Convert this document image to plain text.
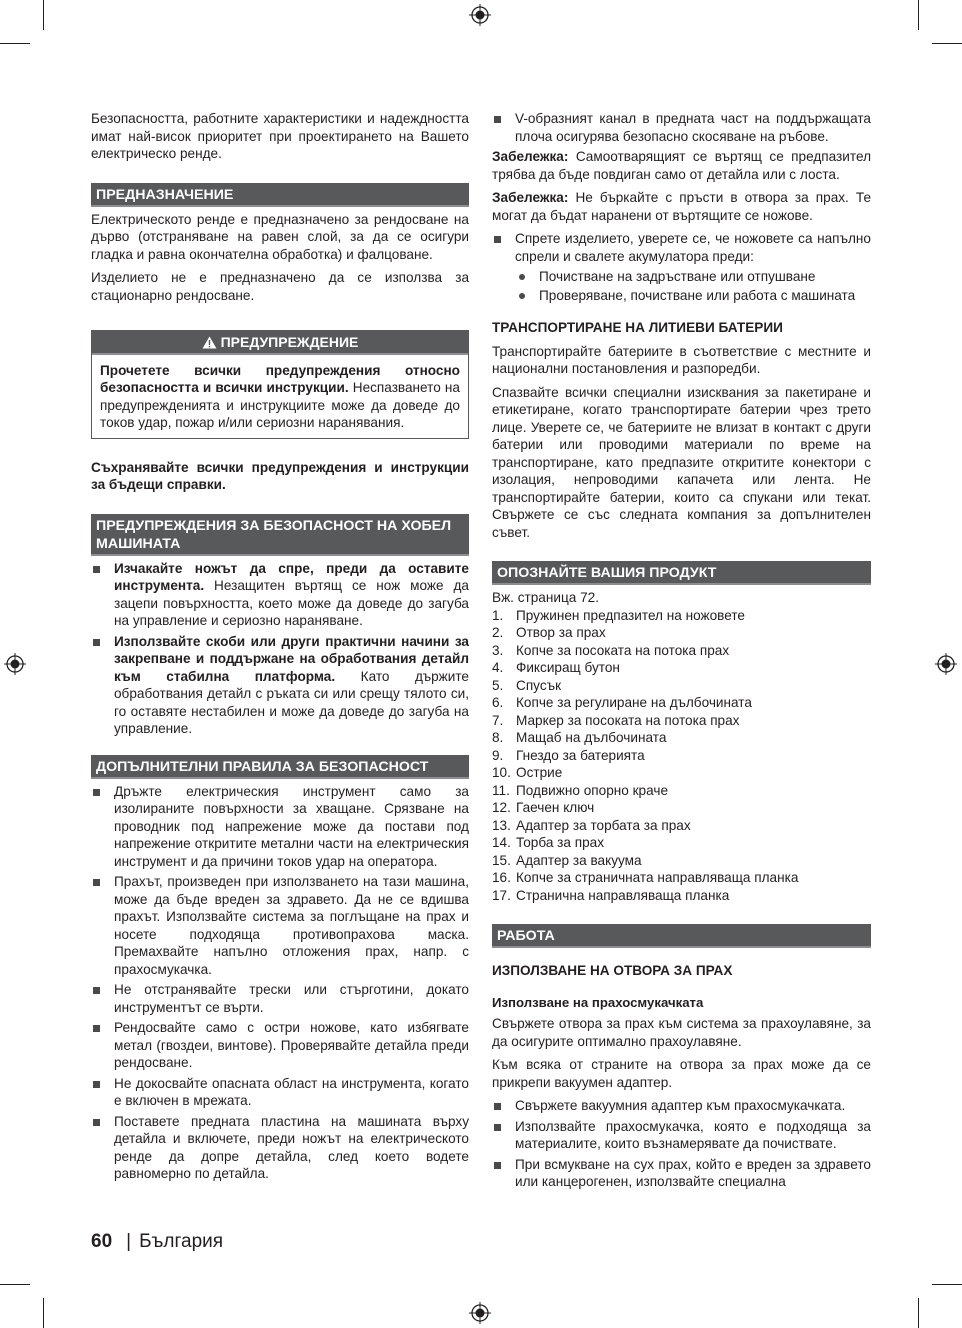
Безопасността, работните характеристики и надеждността имат най-висок приоритет при проектирането на Вашето електрическо ренде.

ПРЕДНАЗНАЧЕНИЕ

Електрическото ренде е предназначено за рендосване на дърво (отстраняване на равен слой, за да се осигури гладка и равна окончателна обработка) и фалцоване.

Изделието не е предназначено да се използва за стационарно рендосване.

ПРЕДУПРЕЖДЕНИЕ

Прочетете всички предупреждения относно безопасността и всички инструкции. Неспазването на предупрежденията и инструкциите може да доведе до токов удар, пожар и/или сериозни наранявания.

Съхранявайте всички предупреждения и инструкции за бъдещи справки.

ПРЕДУПРЕЖДЕНИЯ ЗА БЕЗОПАСНОСТ НА ХОБЕЛ МАШИНАТА
Изчакайте ножът да спре, преди да оставите инструмента. Незащитен въртящ се нож може да зацепи повърхността, което може да доведе до загуба на управление и сериозно нараняване.
Използвайте скоби или други практични начини за закрепване и поддържане на обработвания детайл към стабилна платформа. Като държите обработвания детайл с ръката си или срещу тялото си, го оставяте нестабилен и може да доведе до загуба на управление.
ДОПЪЛНИТЕЛНИ ПРАВИЛА ЗА БЕЗОПАСНОСТ
Дръжте електрическия инструмент само за изолираните повърхности за хващане. Срязване на проводник под напрежение може да постави под напрежение откритите метални части на електрическия инструмент и да причини токов удар на оператора.
Прахът, произведен при използването на тази машина, може да бъде вреден за здравето. Да не се вдишва прахът. Използвайте система за поглъщане на прах и носете подходяща противопрахова маска. Премахвайте напълно отложения прах, напр. с прахосмукачка.
Не отстранявайте трески или стърготини, докато инструментът се върти.
Рендосвайте само с остри ножове, като избягвате метал (гвоздеи, винтове). Проверявайте детайла преди рендосване.
Не докосвайте опасната област на инструмента, когато е включен в мрежата.
Поставете предната пластина на машината върху детайла и включете, преди ножът на електрическото ренде да допре детайла, след което водете равномерно по детайла.
V-образният канал в предната част на поддържащата плоча осигурява безопасно скосяване на ръбове.

Забележка: Самоотварящият се въртящ се предпазител трябва да бъде повдиган само от детайла или с лоста.

Забележка: Не бъркайте с пръсти в отвора за прах. Те могат да бъдат наранени от въртящите се ножове.

Спрете изделието, уверете се, че ножовете са напълно спрели и свалете акумулатора преди:
Почистване на задръстване или отпушване
Проверяване, почистване или работа с машината
ТРАНСПОРТИРАНЕ НА ЛИТИЕВИ БАТЕРИИ

Транспортирайте батериите в съответствие с местните и национални постановления и разпоредби.

Спазвайте всички специални изисквания за пакетиране и етикетиране, когато транспортирате батерии чрез трето лице. Уверете се, че батериите не влизат в контакт с други батерии или проводими материали по време на транспортиране, като предпазите откритите конектори с изолация, непроводими капачета или лента. Не транспортирайте батерии, които са спукани или текат. Свържете се със следната компания за допълнителен съвет.

ОПОЗНАЙТЕ ВАШИЯ ПРОДУКТ

Вж. страница 72.

1. Пружинен предпазител на ножовете
2. Отвор за прах
3. Копче за посоката на потока прах
4. Фиксиращ бутон
5. Спусък
6. Копче за регулиране на дълбочината
7. Маркер за посоката на потока прах
8. Мащаб на дълбочината
9. Гнездо за батерията
10. Острие
11. Подвижно опорно краче
12. Гаечен ключ
13. Адаптер за торбата за прах
14. Торба за прах
15. Адаптер за вакуума
16. Копче за страничната направляваща планка
17. Странична направляваща планка
РАБОТА
ИЗПОЛЗВАНЕ НА ОТВОРА ЗА ПРАХ
Използване на прахосмукачката

Свържете отвора за прах към система за прахоулавяне, за да осигурите оптимално прахоулавяне.

Към всяка от страните на отвора за прах може да се прикрепи вакуумен адаптер.

Свържете вакуумния адаптер към прахосмукачката.
Използвайте прахосмукачка, която е подходяща за материалите, които възнамерявате да почиствате.
При всмукване на сух прах, който е вреден за здравето или канцерогенен, използвайте специална
60 | България
